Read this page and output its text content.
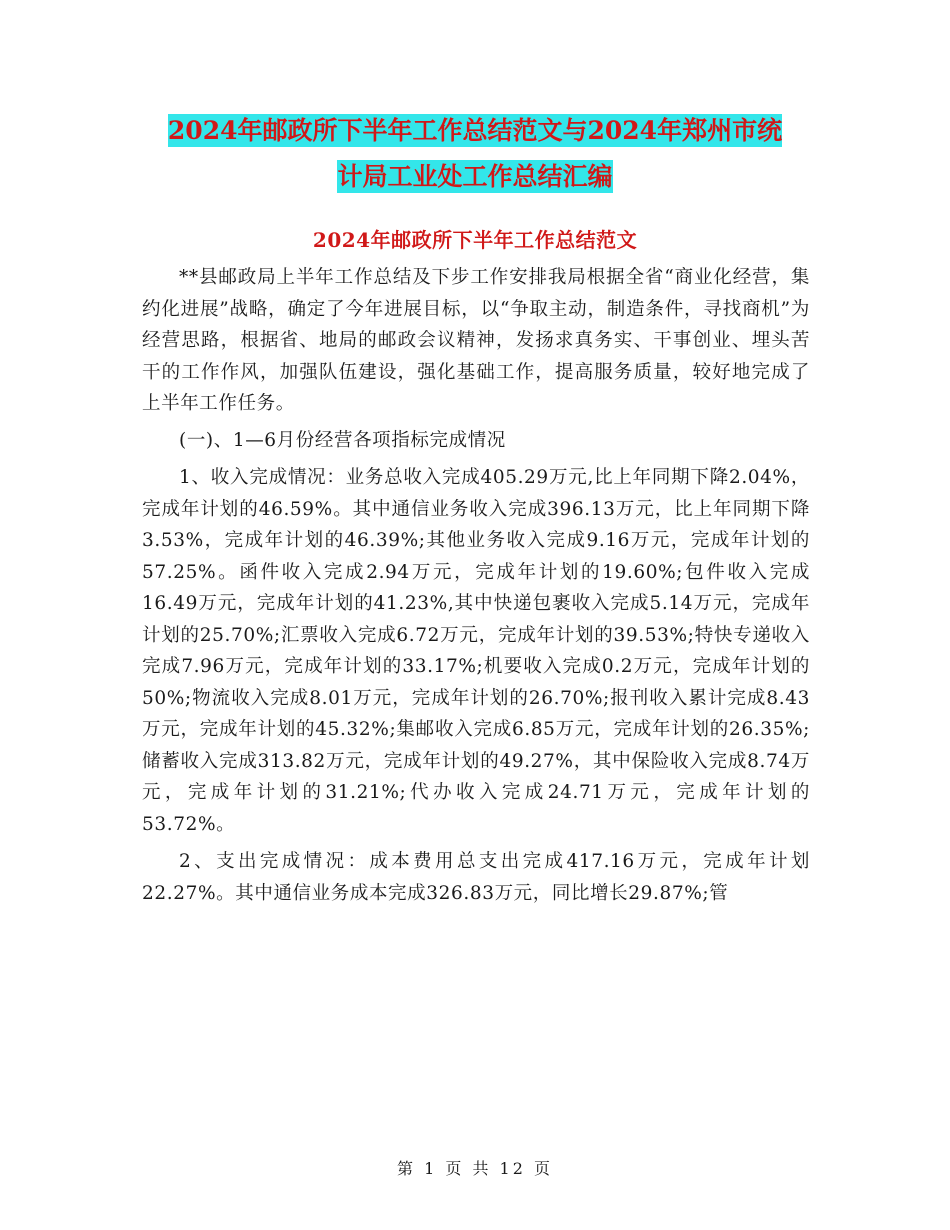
2024年邮政所下半年工作总结范文与2024年郑州市统
计局工业处工作总结汇编
2024年邮政所下半年工作总结范文

**县邮政局上半年工作总结及下步工作安排我局根据全省“商业化经营，集约化进展”战略，确定了今年进展目标，以“争取主动，制造条件，寻找商机”为经营思路，根据省、地局的邮政会议精神，发扬求真务实、干事创业、埋头苦干的工作作风，加强队伍建设，强化基础工作，提高服务质量，较好地完成了上半年工作任务。

(一)、1—6月份经营各项指标完成情况

1、收入完成情况：业务总收入完成405.29万元,比上年同期下降2.04%，完成年计划的46.59%。其中通信业务收入完成396.13万元，比上年同期下降3.53%，完成年计划的46.39%;其他业务收入完成9.16万元，完成年计划的57.25%。函件收入完成2.94万元，完成年计划的19.60%;包件收入完成16.49万元，完成年计划的41.23%,其中快递包裹收入完成5.14万元，完成年计划的25.70%;汇票收入完成6.72万元，完成年计划的39.53%;特快专递收入完成7.96万元，完成年计划的33.17%;机要收入完成0.2万元，完成年计划的50%;物流收入完成8.01万元，完成年计划的26.70%;报刊收入累计完成8.43万元，完成年计划的45.32%;集邮收入完成6.85万元，完成年计划的26.35%;储蓄收入完成313.82万元，完成年计划的49.27%，其中保险收入完成8.74万元，完成年计划的31.21%;代办收入完成24.71万元，完成年计划的53.72%。

2、支出完成情况：成本费用总支出完成417.16万元，完成年计划22.27%。其中通信业务成本完成326.83万元，同比增长29.87%;管

第 1 页 共 12 页
